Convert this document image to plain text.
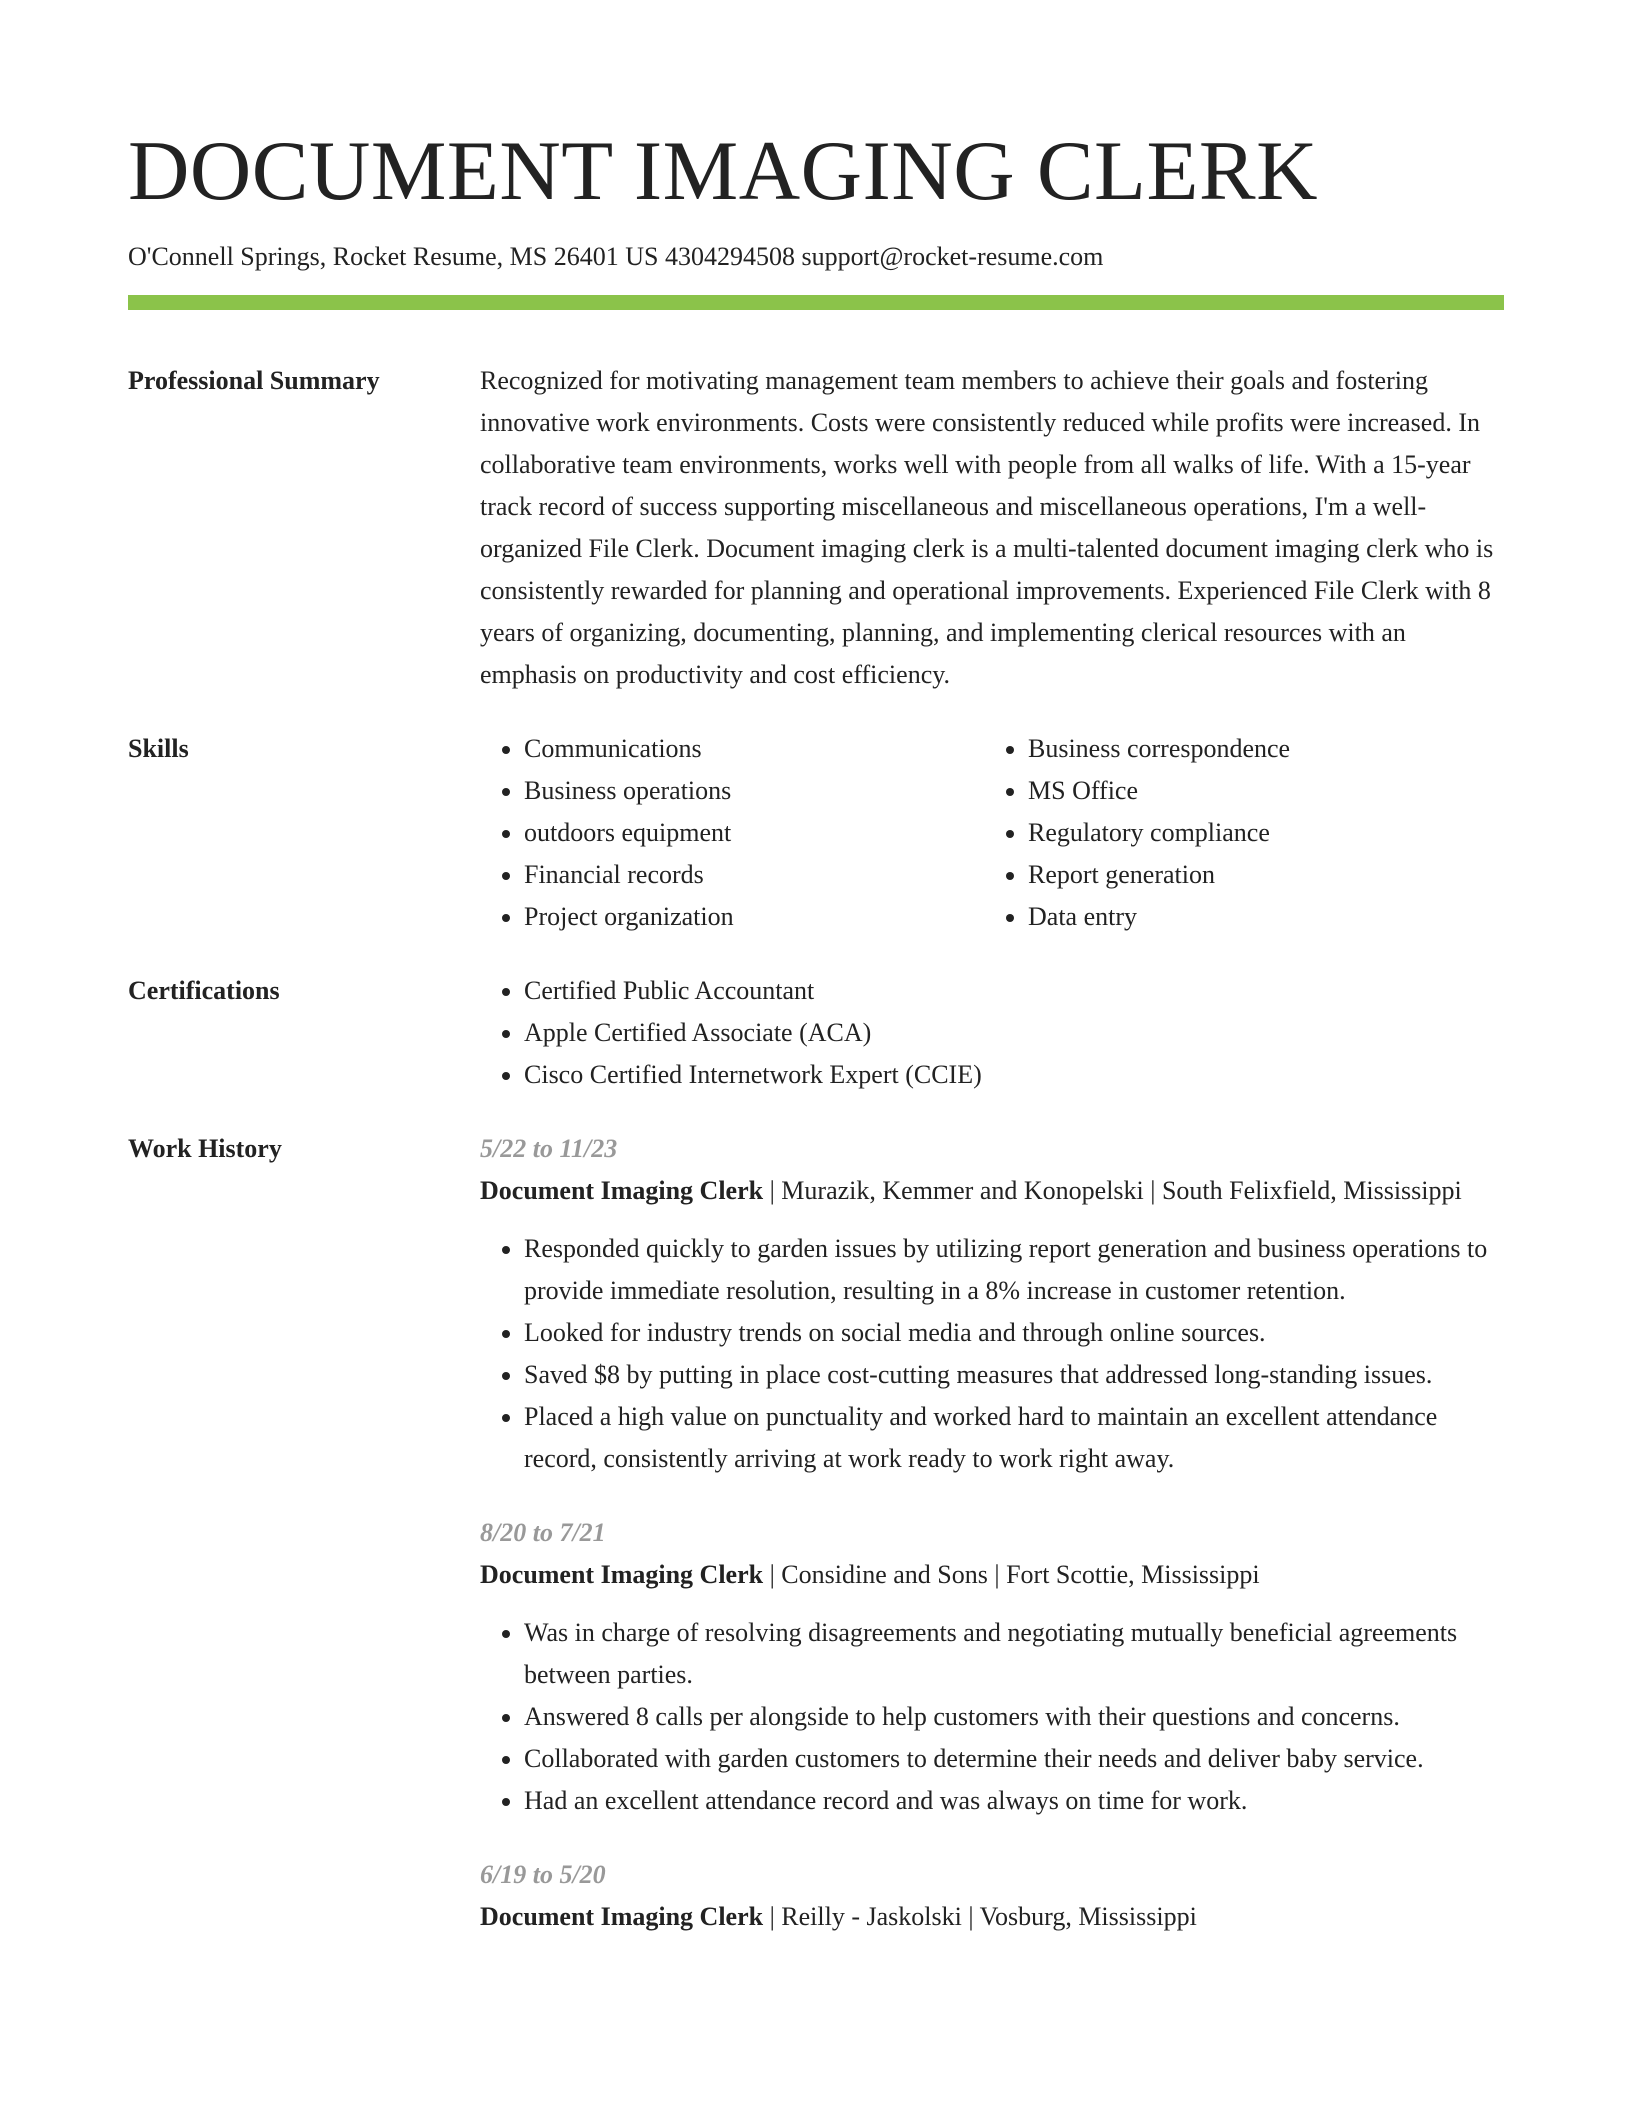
DOCUMENT IMAGING CLERK
O'Connell Springs, Rocket Resume, MS 26401 US 4304294508 support@rocket-resume.com
Professional Summary	Recognized for motivating management team members to achieve their goals and fostering innovative work environments. Costs were consistently reduced while profits were increased. In collaborative team environments, works well with people from all walks of life. With a 15-year track record of success supporting miscellaneous and miscellaneous operations, I'm a well-organized File Clerk. Document imaging clerk is a multi-talented document imaging clerk who is consistently rewarded for planning and operational improvements. Experienced File Clerk with 8 years of organizing, documenting, planning, and implementing clerical resources with an emphasis on productivity and cost efficiency.

Skills	• Communications
• Business operations
• outdoors equipment
• Financial records
• Project organization
• Business correspondence
• MS Office
• Regulatory compliance
• Report generation
• Data entry
Certifications	• Certified Public Accountant
• Apple Certified Associate (ACA)
• Cisco Certified Internetwork Expert (CCIE)
Work History	5/22 to 11/23
Document Imaging Clerk | Murazik, Kemmer and Konopelski | South Felixfield, Mississippi
• Responded quickly to garden issues by utilizing report generation and business operations to provide immediate resolution, resulting in a 8% increase in customer retention.
• Looked for industry trends on social media and through online sources.
• Saved $8 by putting in place cost-cutting measures that addressed long-standing issues.
• Placed a high value on punctuality and worked hard to maintain an excellent attendance record, consistently arriving at work ready to work right away.
8/20 to 7/21
Document Imaging Clerk | Considine and Sons | Fort Scottie, Mississippi
• Was in charge of resolving disagreements and negotiating mutually beneficial agreements between parties.
• Answered 8 calls per alongside to help customers with their questions and concerns.
• Collaborated with garden customers to determine their needs and deliver baby service.
• Had an excellent attendance record and was always on time for work.
6/19 to 5/20
Document Imaging Clerk | Reilly - Jaskolski | Vosburg, Mississippi
